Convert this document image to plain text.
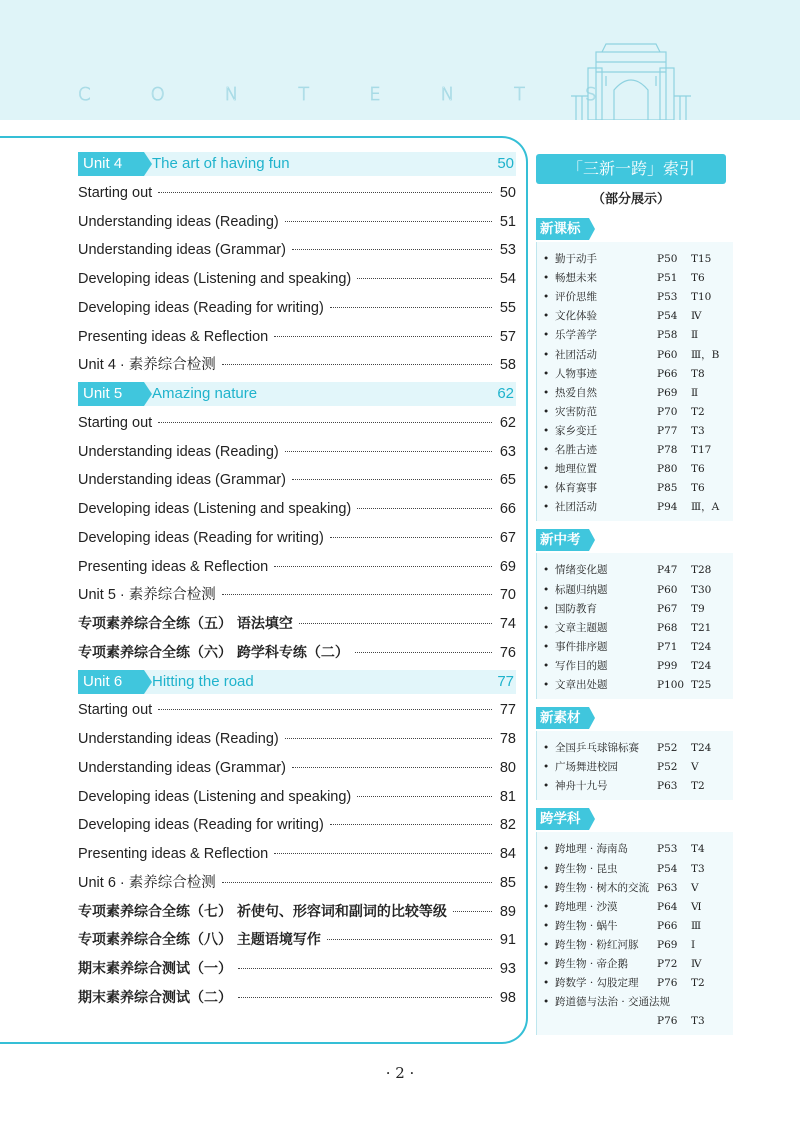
CONTENTS
Unit 4	The art of having fun	50
Starting out	50
Understanding ideas (Reading)	51
Understanding ideas (Grammar)	53
Developing ideas (Listening and speaking)	54
Developing ideas (Reading for writing)	55
Presenting ideas & Reflection	57
Unit 4 · 素养综合检测	58
Unit 5	Amazing nature	62
Starting out	62
Understanding ideas (Reading)	63
Understanding ideas (Grammar)	65
Developing ideas (Listening and speaking)	66
Developing ideas (Reading for writing)	67
Presenting ideas & Reflection	69
Unit 5 · 素养综合检测	70
专项素养综合全练（五） 语法填空	74
专项素养综合全练（六） 跨学科专练（二）	76
Unit 6	Hitting the road	77
Starting out	77
Understanding ideas (Reading)	78
Understanding ideas (Grammar)	80
Developing ideas (Listening and speaking)	81
Developing ideas (Reading for writing)	82
Presenting ideas & Reflection	84
Unit 6 · 素养综合检测	85
专项素养综合全练（七） 祈使句、形容词和副词的比较等级	89
专项素养综合全练（八） 主题语境写作	91
期末素养综合测试（一）	93
期末素养综合测试（二）	98
「三新一跨」索引
（部分展示）
新课标
• 勤于动手	P50 T15
• 畅想未来	P51 T6
• 评价思维	P53 T10
• 文化体验	P54 Ⅳ
• 乐学善学	P58 Ⅱ
• 社团活动	P60 Ⅲ，B
• 人物事迹	P66 T8
• 热爱自然	P69 Ⅱ
• 灾害防范	P70 T2
• 家乡变迁	P77 T3
• 名胜古迹	P78 T17
• 地理位置	P80 T6
• 体育赛事	P85 T6
• 社团活动	P94 Ⅲ，A
新中考
• 情绪变化题	P47 T28
• 标题归纳题	P60 T30
• 国防教育	P67 T9
• 文章主题题	P68 T21
• 事件排序题	P71 T24
• 写作目的题	P99 T24
• 文章出处题	P100 T25
新素材
• 全国乒乓球锦标赛 P52 T24
• 广场舞进校园	P52 Ⅴ
• 神舟十九号	P63 T2
跨学科
• 跨地理 · 海南岛	P53 T4
• 跨生物 · 昆虫	P54 T3
• 跨生物 · 树木的交流 P63 Ⅴ
• 跨地理 · 沙漠	P64 Ⅵ
• 跨生物 · 蜗牛	P66 Ⅲ
• 跨生物 · 粉红河豚 P69 Ⅰ
• 跨生物 · 帝企鹅	P72 Ⅳ
• 跨数学 · 勾股定理 P76 T2
• 跨道德与法治 · 交通法规
P76 T3
· 2 ·
